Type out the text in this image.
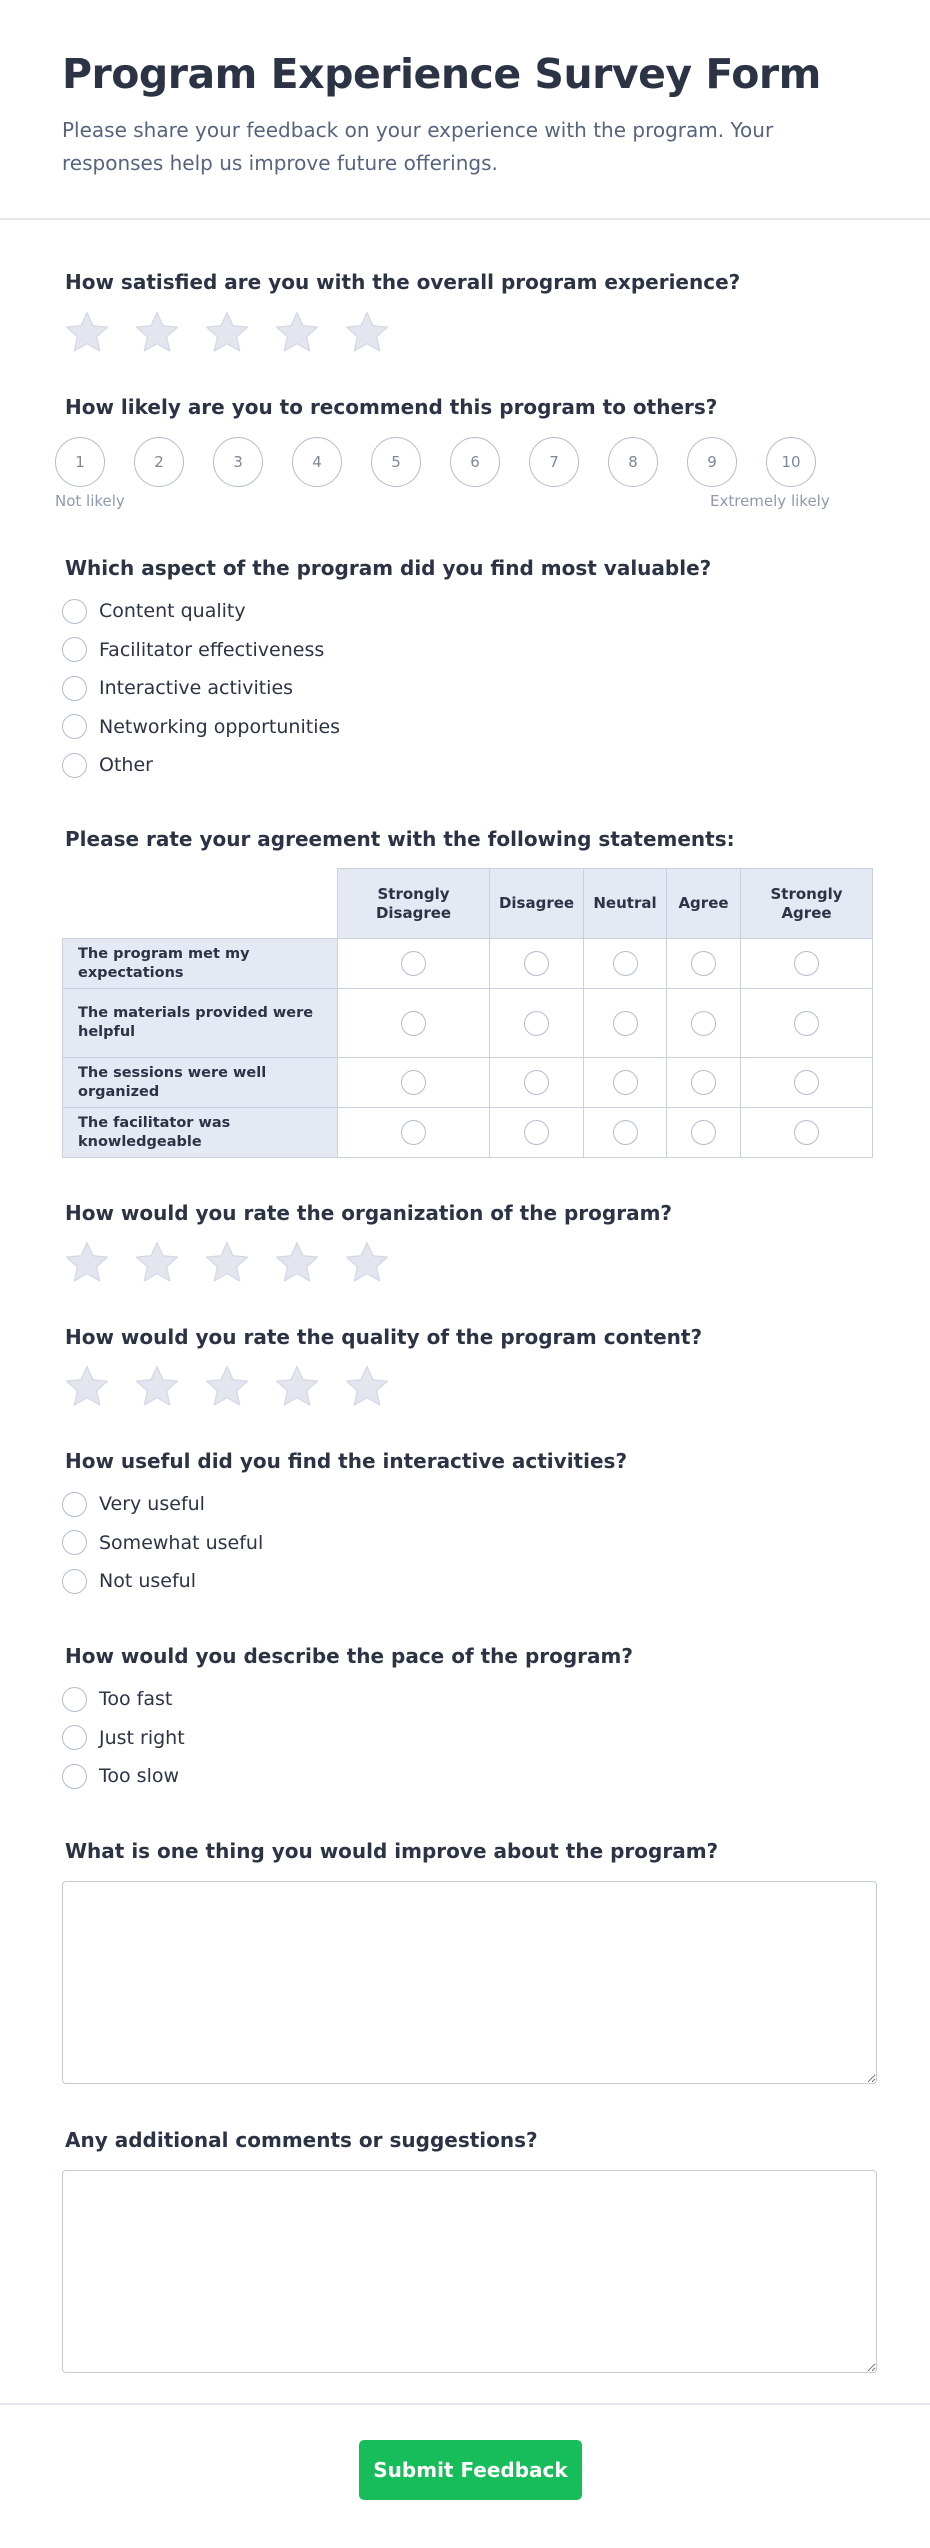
Program Experience Survey Form

Please share your feedback on your experience with the program. Your responses help us improve future offerings.

How satisfied are you with the overall program experience?
How likely are you to recommend this program to others?
1	2	3	4	5	6	7	8	9	10
Not likely	Extremely likely
Which aspect of the program did you find most valuable?
Content quality
Facilitator effectiveness
Interactive activities
Networking opportunities
Other
Please rate your agreement with the following statements:
	Strongly Disagree	Disagree	Neutral	Agree	Strongly Agree
The program met my expectations					
The materials provided were helpful					
The sessions were well organized					
The facilitator was knowledgeable					
How would you rate the organization of the program?
How would you rate the quality of the program content?
How useful did you find the interactive activities?
Very useful
Somewhat useful
Not useful
How would you describe the pace of the program?
Too fast
Just right
Too slow
What is one thing you would improve about the program?
Any additional comments or suggestions?
Submit Feedback
